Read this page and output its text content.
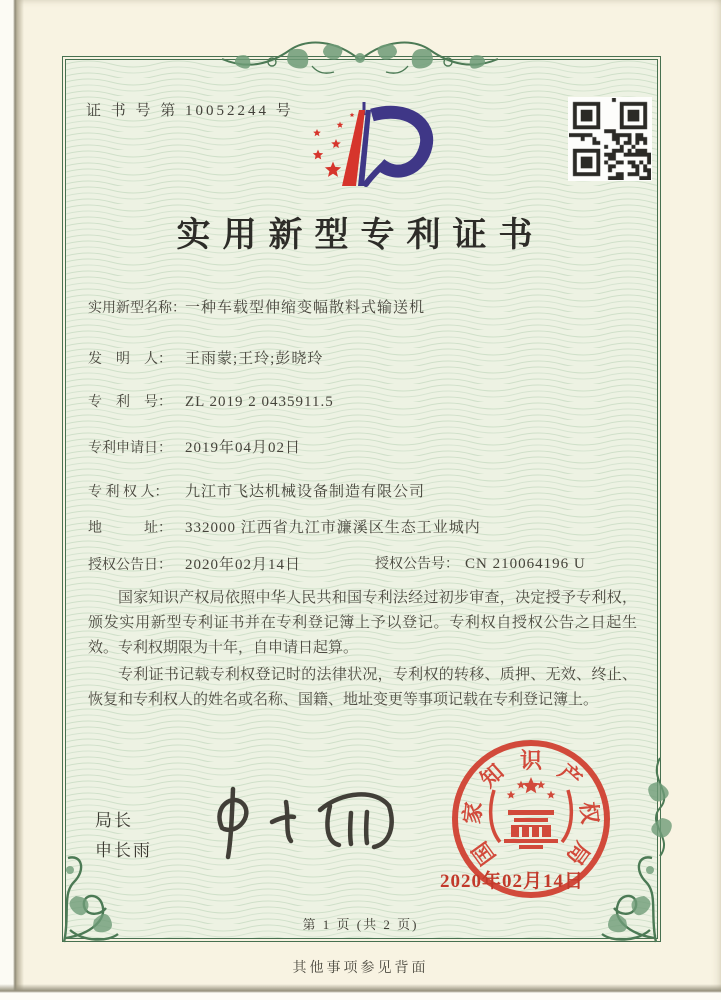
证 书 号 第 10052244 号
实用新型专利证书
实用新型名称：一种车载型伸缩变幅散料式输送机
发　明　人： 王雨蒙;王玲;彭晓玲
专　利　号： ZL 2019 2 0435911.5
专利申请日： 2019年04月02日
专 利 权 人： 九江市飞达机械设备制造有限公司
地　　　址： 332000 江西省九江市濂溪区生态工业城内
授权公告日： 2020年02月14日	授权公告号： CN 210064196 U

国家知识产权局依照中华人民共和国专利法经过初步审查，决定授予专利权，颁发实用新型专利证书并在专利登记簿上予以登记。专利权自授权公告之日起生效。专利权期限为十年，自申请日起算。

专利证书记载专利权登记时的法律状况，专利权的转移、质押、无效、终止、恢复和专利权人的姓名或名称、国籍、地址变更等事项记载在专利登记簿上。

局长
申长雨	国
家
知 识 产
权
局
2020年02月14日
第 1 页 (共 2 页)
其他事项参见背面
